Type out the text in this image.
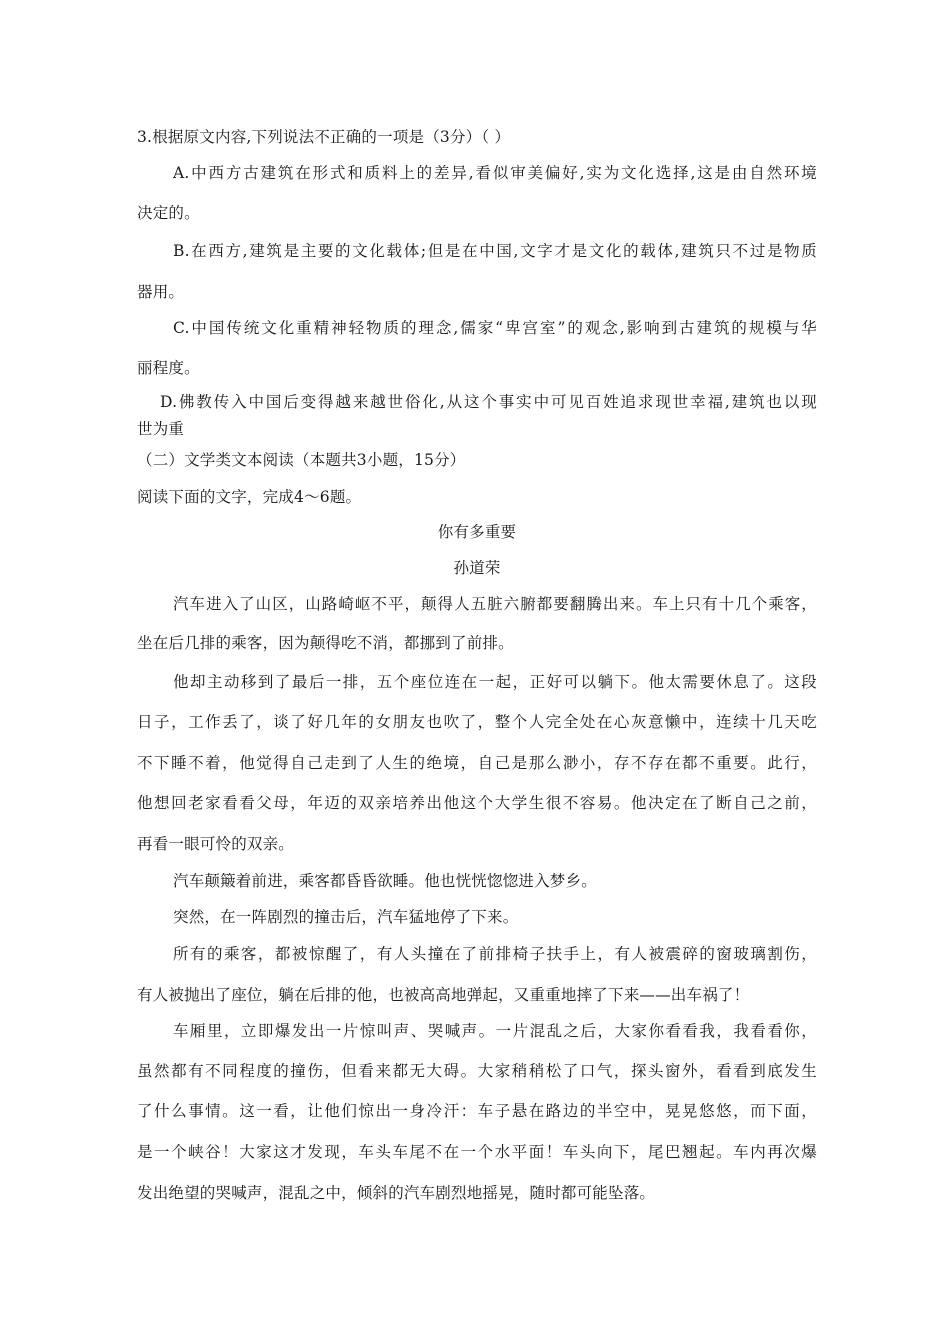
3.根据原文内容,下列说法不正确的一项是（3分）（ ）
A.中西方古建筑在形式和质料上的差异,看似审美偏好,实为文化选择,这是由自然环境
决定的。
B.在西方,建筑是主要的文化载体;但是在中国,文字才是文化的载体,建筑只不过是物质
器用。
C.中国传统文化重精神轻物质的理念,儒家“卑宫室”的观念,影响到古建筑的规模与华
丽程度。
D.佛教传入中国后变得越来越世俗化,从这个事实中可见百姓追求现世幸福,建筑也以现
世为重
（二）文学类文本阅读（本题共3小题，15分）
阅读下面的文字，完成4～6题。
你有多重要
孙道荣
汽车进入了山区，山路崎岖不平，颠得人五脏六腑都要翻腾出来。车上只有十几个乘客，
坐在后几排的乘客，因为颠得吃不消，都挪到了前排。
他却主动移到了最后一排，五个座位连在一起，正好可以躺下。他太需要休息了。这段
日子，工作丢了，谈了好几年的女朋友也吹了，整个人完全处在心灰意懒中，连续十几天吃
不下睡不着，他觉得自己走到了人生的绝境，自己是那么渺小，存不存在都不重要。此行，
他想回老家看看父母，年迈的双亲培养出他这个大学生很不容易。他决定在了断自己之前，
再看一眼可怜的双亲。
汽车颠簸着前进，乘客都昏昏欲睡。他也恍恍惚惚进入梦乡。
突然，在一阵剧烈的撞击后，汽车猛地停了下来。
所有的乘客，都被惊醒了，有人头撞在了前排椅子扶手上，有人被震碎的窗玻璃割伤，
有人被抛出了座位，躺在后排的他，也被高高地弹起，又重重地摔了下来——出车祸了！
车厢里，立即爆发出一片惊叫声、哭喊声。一片混乱之后，大家你看看我，我看看你，
虽然都有不同程度的撞伤，但看来都无大碍。大家稍稍松了口气，探头窗外，看看到底发生
了什么事情。这一看，让他们惊出一身冷汗：车子悬在路边的半空中，晃晃悠悠，而下面，
是一个峡谷！大家这才发现，车头车尾不在一个水平面！车头向下，尾巴翘起。车内再次爆
发出绝望的哭喊声，混乱之中，倾斜的汽车剧烈地摇晃，随时都可能坠落。
